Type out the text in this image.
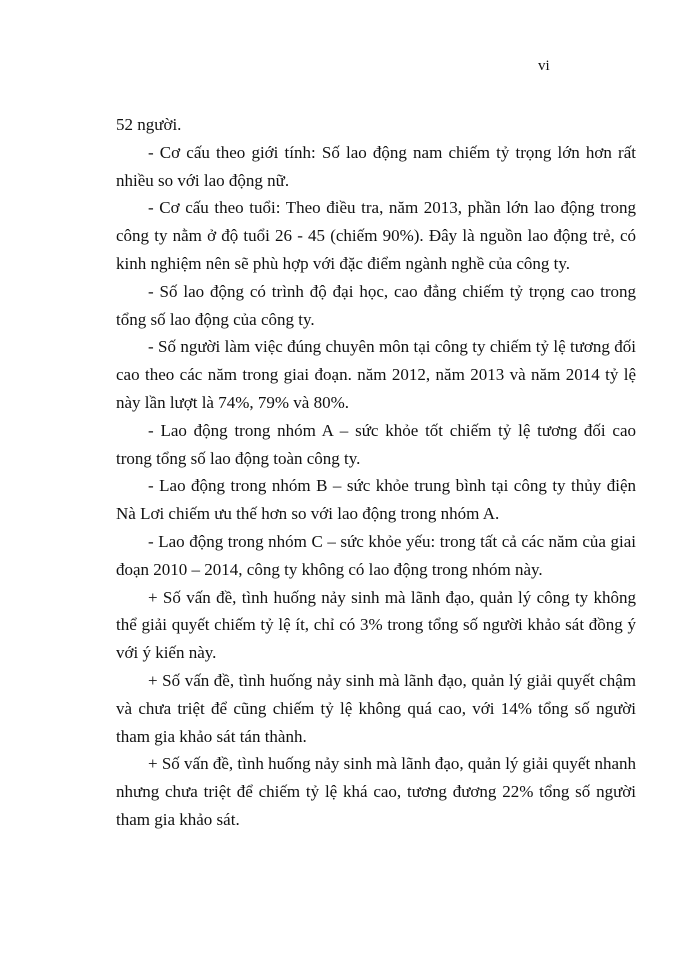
vi

52 người.

- Cơ cấu theo giới tính: Số lao động nam chiếm tỷ trọng lớn hơn rất nhiều so với lao động nữ.

- Cơ cấu theo tuổi: Theo điều tra, năm 2013, phần lớn lao động trong công ty nằm ở độ tuổi 26 - 45 (chiếm 90%). Đây là nguồn lao động trẻ, có kinh nghiệm nên sẽ phù hợp với đặc điểm ngành nghề của công ty.

- Số lao động có trình độ đại học, cao đẳng chiếm tỷ trọng cao trong tổng số lao động của công ty.

- Số người làm việc đúng chuyên môn tại công ty chiếm tỷ lệ tương đối cao theo các năm trong giai đoạn. năm 2012, năm 2013 và năm 2014 tỷ lệ này lần lượt là 74%, 79% và 80%.

- Lao động trong nhóm A – sức khỏe tốt chiếm tỷ lệ tương đối cao trong tổng số lao động toàn công ty.

- Lao động trong nhóm B – sức khỏe trung bình tại công ty thủy điện Nà Lơi chiếm ưu thế hơn so với lao động trong nhóm A.

- Lao động trong nhóm C – sức khỏe yếu: trong tất cả các năm của giai đoạn 2010 – 2014, công ty không có lao động trong nhóm này.

+ Số vấn đề, tình huống nảy sinh mà lãnh đạo, quản lý công ty không thể giải quyết chiếm tỷ lệ ít, chỉ có 3% trong tổng số người khảo sát đồng ý với ý kiến này.

+ Số vấn đề, tình huống nảy sinh mà lãnh đạo, quản lý giải quyết chậm và chưa triệt để cũng chiếm tỷ lệ không quá cao, với 14% tổng số người tham gia khảo sát tán thành.

+ Số vấn đề, tình huống nảy sinh mà lãnh đạo, quản lý giải quyết nhanh nhưng chưa triệt để chiếm tỷ lệ khá cao, tương đương 22% tổng số người tham gia khảo sát.
